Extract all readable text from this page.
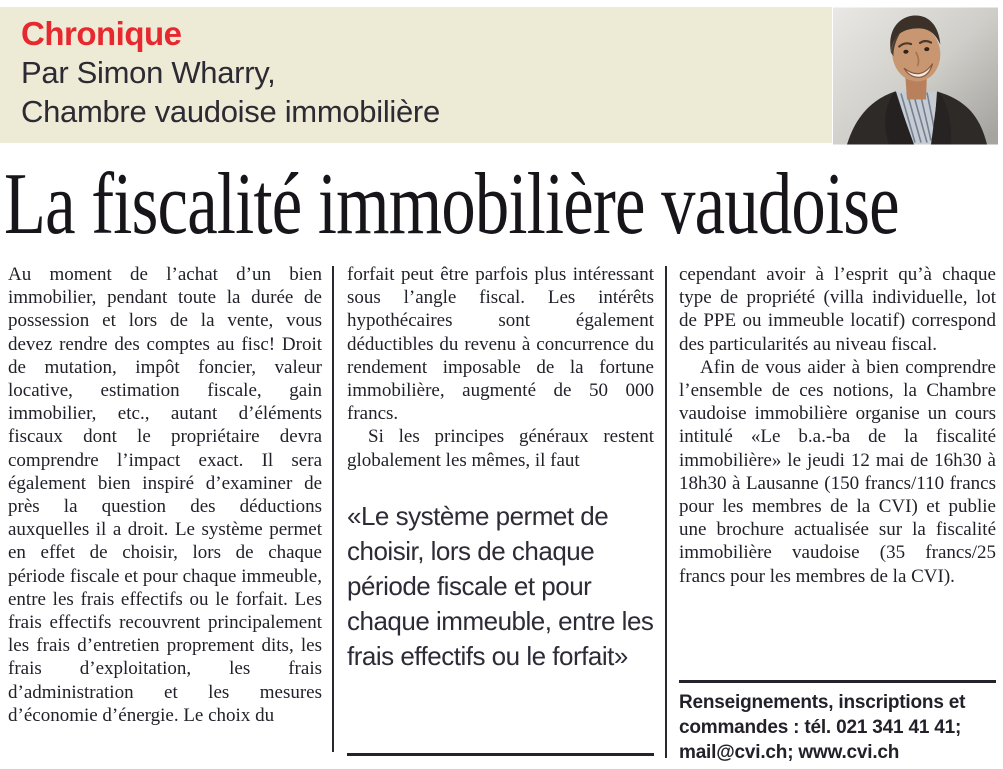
Chronique
Par Simon Wharry,
Chambre vaudoise immobilière
La fiscalité immobilière vaudoise

Au moment de l’achat d’un bien immobilier, pendant toute la durée de possession et lors de la vente, vous devez rendre des comptes au fisc! Droit de mutation, impôt foncier, valeur locative, estimation fiscale, gain immobilier, etc., autant d’éléments fiscaux dont le propriétaire devra comprendre l’impact exact. Il sera également bien inspiré d’examiner de près la question des déductions auxquelles il a droit. Le système permet en effet de choisir, lors de chaque période fiscale et pour chaque immeuble, entre les frais effectifs ou le forfait. Les frais effectifs recouvrent principalement les frais d’entretien proprement dits, les frais d’exploitation, les frais d’administration et les mesures d’économie d’énergie. Le choix du

forfait peut être parfois plus intéressant sous l’angle fiscal. Les intérêts hypothécaires sont également déductibles du revenu à concurrence du rendement imposable de la fortune immobilière, augmenté de 50 000 francs.

Si les principes généraux restent globalement les mêmes, il faut

«Le système permet de choisir, lors de chaque période fiscale et pour chaque immeuble, entre les frais effectifs ou le forfait»

cependant avoir à l’esprit qu’à chaque type de propriété (villa individuelle, lot de PPE ou immeuble locatif) correspond des particularités au niveau fiscal.

Afin de vous aider à bien comprendre l’ensemble de ces notions, la Chambre vaudoise immobilière organise un cours intitulé «Le b.a.-ba de la fiscalité immobilière» le jeudi 12 mai de 16h30 à 18h30 à Lausanne (150 francs/110 francs pour les membres de la CVI) et publie une brochure actualisée sur la fiscalité immobilière vaudoise (35 francs/25 francs pour les membres de la CVI).

Renseignements, inscriptions et commandes : tél. 021 341 41 41; mail@cvi.ch; www.cvi.ch
